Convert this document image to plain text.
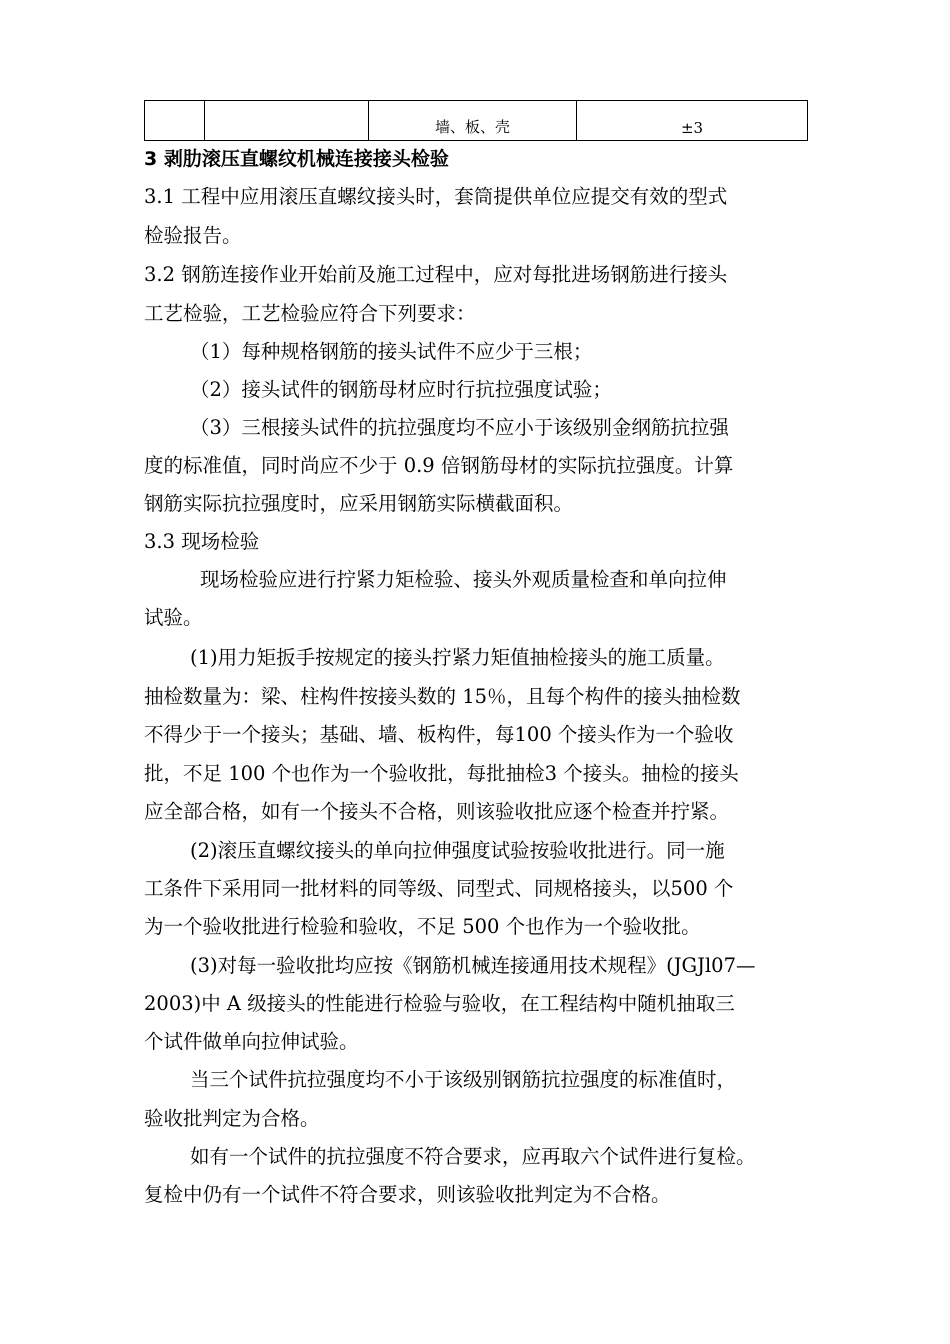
		墙、板、壳	±3
3 剥肋滚压直螺纹机械连接接头检验
3.1 工程中应用滚压直螺纹接头时，套筒提供单位应提交有效的型式
检验报告。
3.2 钢筋连接作业开始前及施工过程中，应对每批进场钢筋进行接头
工艺检验，工艺检验应符合下列要求：
（1）每种规格钢筋的接头试件不应少于三根；
（2）接头试件的钢筋母材应时行抗拉强度试验；
（3）三根接头试件的抗拉强度均不应小于该级别金纲筋抗拉强
度的标准值，同时尚应不少于 0.9 倍钢筋母材的实际抗拉强度。计算
钢筋实际抗拉强度时，应采用钢筋实际横截面积。
3.3 现场检验
现场检验应进行拧紧力矩检验、接头外观质量检查和单向拉伸
试验。
(1)用力矩扳手按规定的接头拧紧力矩值抽检接头的施工质量。
抽检数量为：梁、柱构件按接头数的 15％，且每个构件的接头抽检数
不得少于一个接头；基础、墙、板构件，每100 个接头作为一个验收
批，不足 100 个也作为一个验收批，每批抽检3 个接头。抽检的接头
应全部合格，如有一个接头不合格，则该验收批应逐个检查并拧紧。
(2)滚压直螺纹接头的单向拉伸强度试验按验收批进行。同一施
工条件下采用同一批材料的同等级、同型式、同规格接头，以500 个
为一个验收批进行检验和验收，不足 500 个也作为一个验收批。
(3)对每一验收批均应按《钢筋机械连接通用技术规程》(JGJl07—
2003)中 A 级接头的性能进行检验与验收，在工程结构中随机抽取三
个试件做单向拉伸试验。
当三个试件抗拉强度均不小于该级别钢筋抗拉强度的标准值时，
验收批判定为合格。
如有一个试件的抗拉强度不符合要求，应再取六个试件进行复检。
复检中仍有一个试件不符合要求，则该验收批判定为不合格。
